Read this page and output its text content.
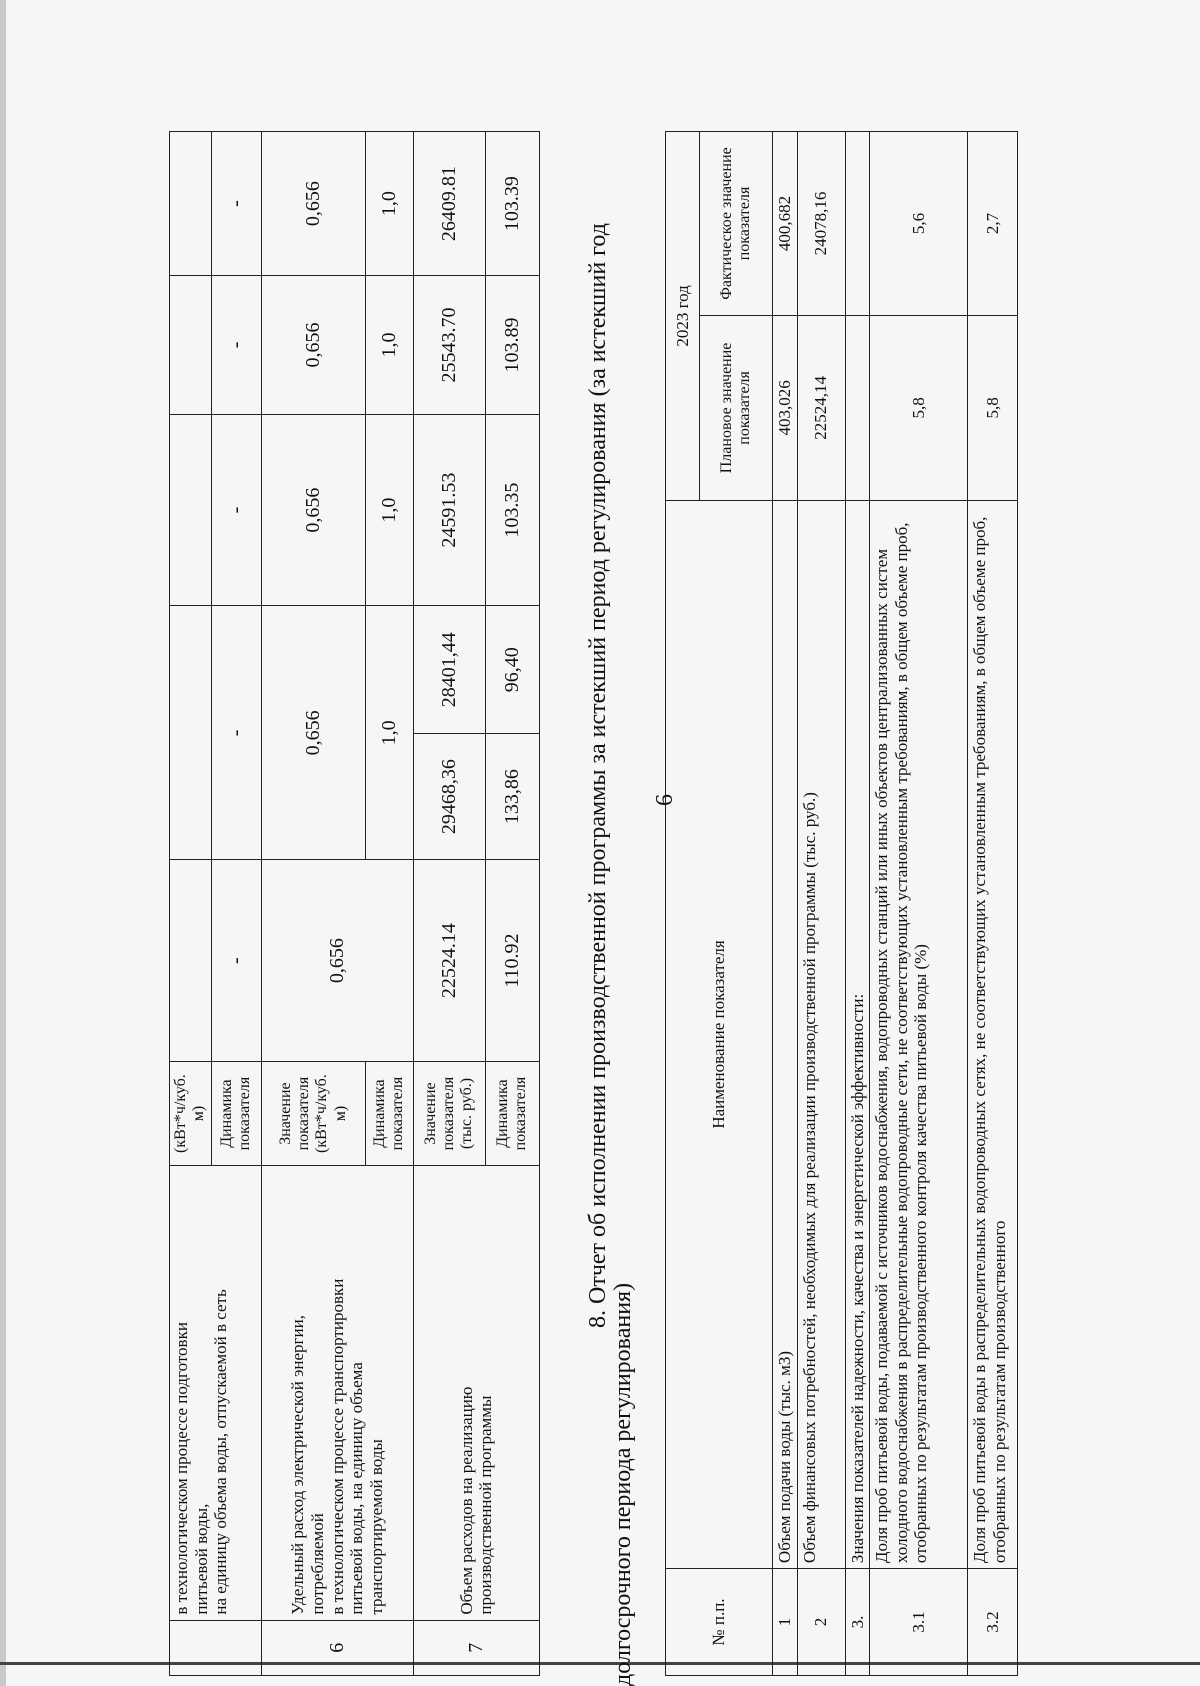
6

	в технологическом процессе подготовки питьевой воды, на единицу объема воды, отпускаемой в сеть	(кВт*ч/куб. м)						
		Динамика показателя	-	-		-	-	-
6	Удельный расход электрической энергии, потребляемой в технологическом процессе транспортировки питьевой воды, на единицу объема транспортируемой воды	Значение показателя (кВт*ч/куб. м)	0,656	0,656		0,656	0,656	0,656
		Динамика показателя		1,0		1,0	1,0	1,0
7	Объем расходов на реализацию производственной программы	Значение показателя (тыс. руб.)	22524.14	29468,36	28401,44	24591.53	25543.70	26409.81
		Динамика показателя	110.92	133,86	96,40	103.35	103.89	103.39
8. Отчет об исполнении производственной программы за истекший период регулирования (за истекший год
долгосрочного периода регулирования)	№ п.п.	Наименование показателя	2023 год	
		Плановое значение показателя	Фактическое значение показателя
1	Объем подачи воды (тыс. м3)	403,026	400,682
2	Объем финансовых потребностей, необходимых для реализации производственной программы (тыс. руб.)	22524,14	24078,16
3.	Значения показателей надежности, качества и энергетической эффективности:		
3.1	Доля проб питьевой воды, подаваемой с источников водоснабжения, водопроводных станций или иных объектов централизованных систем холодного водоснабжения в распределительные водопроводные сети, не соответствующих установленным требованиям, в общем объеме проб, отобранных по результатам производственного контроля качества питьевой воды (%)	5,8	5,6
3.2	Доля проб питьевой воды в распределительных водопроводных сетях, не соответствующих установленным требованиям, в общем объеме проб, отобранных по результатам производственного	5,8	2,7
